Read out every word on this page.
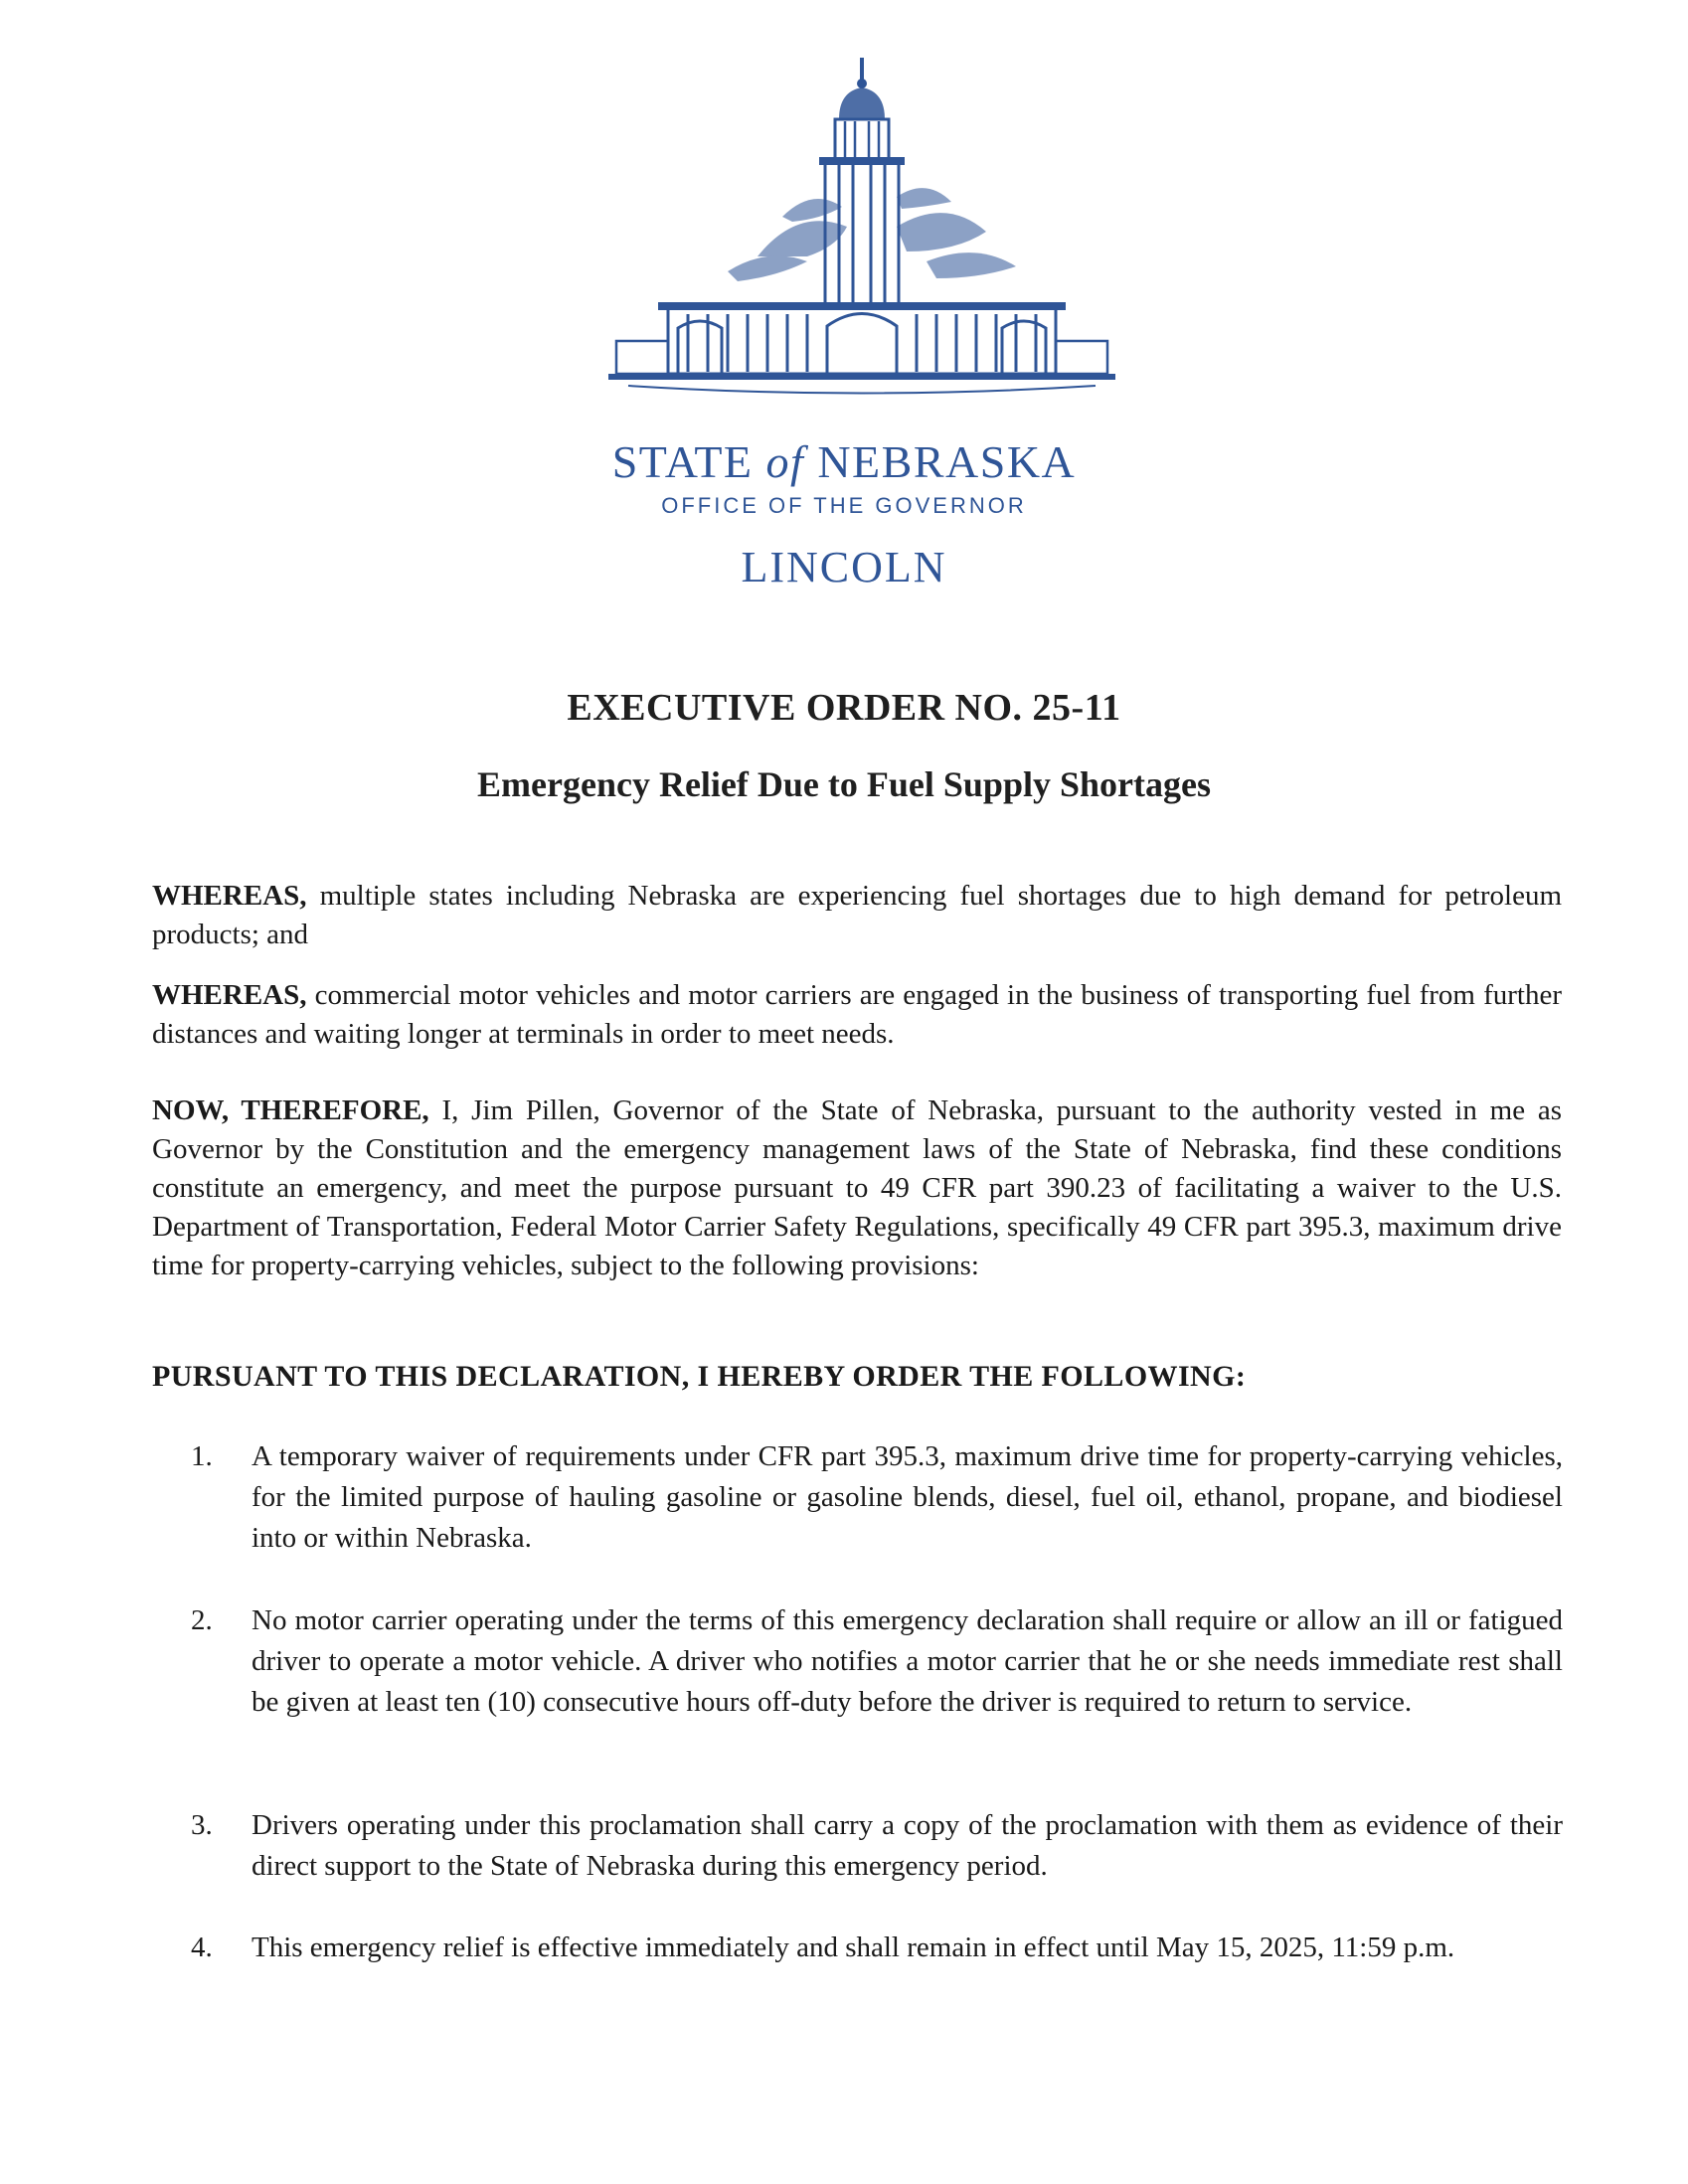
STATE of NEBRASKA
OFFICE OF THE GOVERNOR
LINCOLN
EXECUTIVE ORDER NO. 25-11
Emergency Relief Due to Fuel Supply Shortages

WHEREAS, multiple states including Nebraska are experiencing fuel shortages due to high demand for petroleum products; and

WHEREAS, commercial motor vehicles and motor carriers are engaged in the business of transporting fuel from further distances and waiting longer at terminals in order to meet needs.

NOW, THEREFORE, I, Jim Pillen, Governor of the State of Nebraska, pursuant to the authority vested in me as Governor by the Constitution and the emergency management laws of the State of Nebraska, find these conditions constitute an emergency, and meet the purpose pursuant to 49 CFR part 390.23 of facilitating a waiver to the U.S. Department of Transportation, Federal Motor Carrier Safety Regulations, specifically 49 CFR part 395.3, maximum drive time for property-carrying vehicles, subject to the following provisions:

PURSUANT TO THIS DECLARATION, I HEREBY ORDER THE FOLLOWING:

1.	A temporary waiver of requirements under CFR part 395.3, maximum drive time for property-carrying vehicles, for the limited purpose of hauling gasoline or gasoline blends, diesel, fuel oil, ethanol, propane, and biodiesel into or within Nebraska.

2.	No motor carrier operating under the terms of this emergency declaration shall require or allow an ill or fatigued driver to operate a motor vehicle. A driver who notifies a motor carrier that he or she needs immediate rest shall be given at least ten (10) consecutive hours off-duty before the driver is required to return to service.

3.	Drivers operating under this proclamation shall carry a copy of the proclamation with them as evidence of their direct support to the State of Nebraska during this emergency period.

4.	This emergency relief is effective immediately and shall remain in effect until May 15, 2025, 11:59 p.m.
